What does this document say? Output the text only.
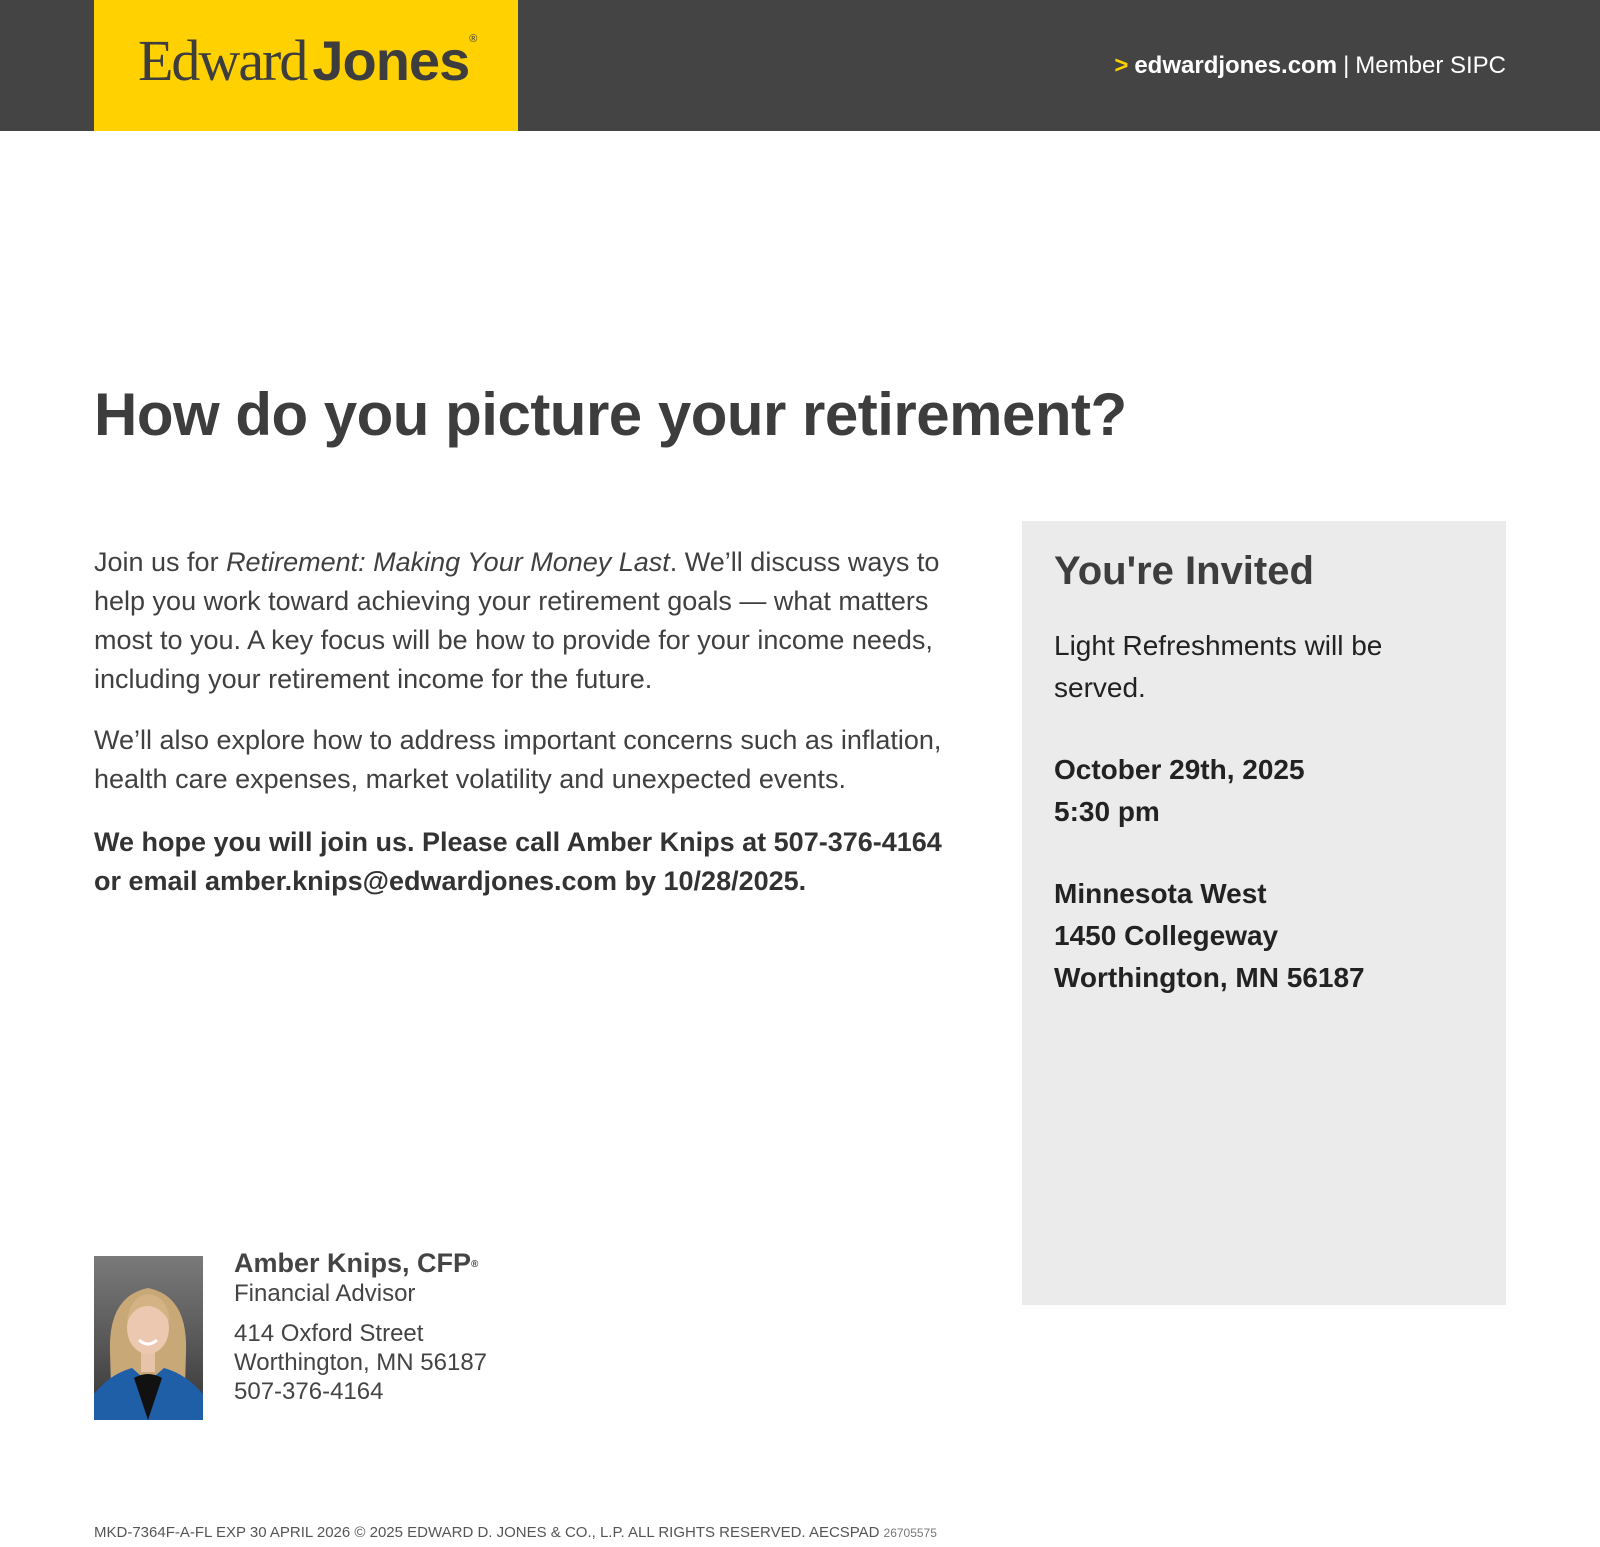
Edward Jones®
> edwardjones.com | Member SIPC
How do you picture your retirement?

Join us for Retirement: Making Your Money Last. We’ll discuss ways to help you work toward achieving your retirement goals — what matters most to you. A key focus will be how to provide for your income needs, including your retirement income for the future.

We’ll also explore how to address important concerns such as inflation, health care expenses, market volatility and unexpected events.

We hope you will join us. Please call Amber Knips at 507-376-4164 or email amber.knips@edwardjones.com by 10/28/2025.

You're Invited

Light Refreshments will be served.

October 29th, 2025
5:30 pm
Minnesota West
1450 Collegeway
Worthington, MN 56187
Amber Knips, CFP®
Financial Advisor
414 Oxford Street
Worthington, MN 56187
507-376-4164
MKD-7364F-A-FL EXP 30 APRIL 2026 © 2025 EDWARD D. JONES & CO., L.P. ALL RIGHTS RESERVED. AECSPAD 26705575
